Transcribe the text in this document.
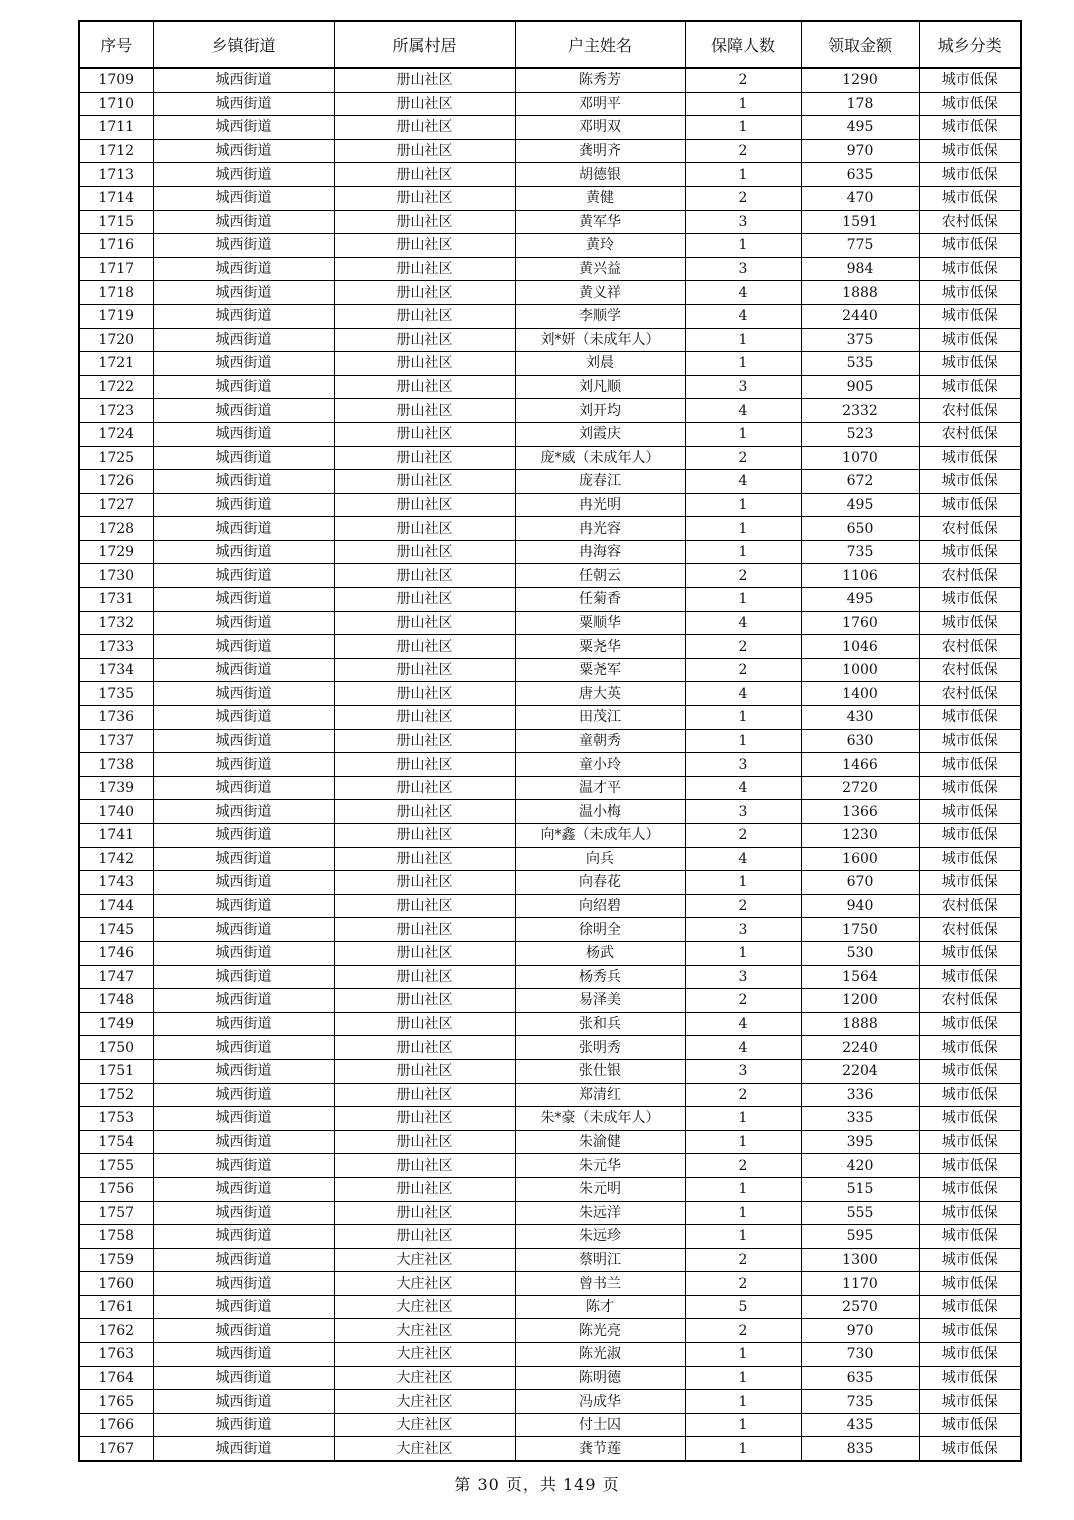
序号	乡镇街道	所属村居	户主姓名	保障人数	领取金额	城乡分类
1709	城西街道	册山社区	陈秀芳	2	1290	城市低保
1710	城西街道	册山社区	邓明平	1	178	城市低保
1711	城西街道	册山社区	邓明双	1	495	城市低保
1712	城西街道	册山社区	龚明齐	2	970	城市低保
1713	城西街道	册山社区	胡德银	1	635	城市低保
1714	城西街道	册山社区	黄健	2	470	城市低保
1715	城西街道	册山社区	黄军华	3	1591	农村低保
1716	城西街道	册山社区	黄玲	1	775	城市低保
1717	城西街道	册山社区	黄兴益	3	984	城市低保
1718	城西街道	册山社区	黄义祥	4	1888	城市低保
1719	城西街道	册山社区	李顺学	4	2440	城市低保
1720	城西街道	册山社区	刘*妍（未成年人）	1	375	城市低保
1721	城西街道	册山社区	刘晨	1	535	城市低保
1722	城西街道	册山社区	刘凡顺	3	905	城市低保
1723	城西街道	册山社区	刘开均	4	2332	农村低保
1724	城西街道	册山社区	刘霞庆	1	523	农村低保
1725	城西街道	册山社区	庞*威（未成年人）	2	1070	城市低保
1726	城西街道	册山社区	庞春江	4	672	城市低保
1727	城西街道	册山社区	冉光明	1	495	城市低保
1728	城西街道	册山社区	冉光容	1	650	农村低保
1729	城西街道	册山社区	冉海容	1	735	城市低保
1730	城西街道	册山社区	任朝云	2	1106	农村低保
1731	城西街道	册山社区	任菊香	1	495	城市低保
1732	城西街道	册山社区	粟顺华	4	1760	城市低保
1733	城西街道	册山社区	粟尧华	2	1046	农村低保
1734	城西街道	册山社区	粟尧军	2	1000	农村低保
1735	城西街道	册山社区	唐大英	4	1400	农村低保
1736	城西街道	册山社区	田茂江	1	430	城市低保
1737	城西街道	册山社区	童朝秀	1	630	城市低保
1738	城西街道	册山社区	童小玲	3	1466	城市低保
1739	城西街道	册山社区	温才平	4	2720	城市低保
1740	城西街道	册山社区	温小梅	3	1366	城市低保
1741	城西街道	册山社区	向*鑫（未成年人）	2	1230	城市低保
1742	城西街道	册山社区	向兵	4	1600	城市低保
1743	城西街道	册山社区	向春花	1	670	城市低保
1744	城西街道	册山社区	向绍碧	2	940	农村低保
1745	城西街道	册山社区	徐明全	3	1750	农村低保
1746	城西街道	册山社区	杨武	1	530	城市低保
1747	城西街道	册山社区	杨秀兵	3	1564	城市低保
1748	城西街道	册山社区	易泽美	2	1200	农村低保
1749	城西街道	册山社区	张和兵	4	1888	城市低保
1750	城西街道	册山社区	张明秀	4	2240	城市低保
1751	城西街道	册山社区	张仕银	3	2204	城市低保
1752	城西街道	册山社区	郑清红	2	336	城市低保
1753	城西街道	册山社区	朱*豪（未成年人）	1	335	城市低保
1754	城西街道	册山社区	朱渝健	1	395	城市低保
1755	城西街道	册山社区	朱元华	2	420	城市低保
1756	城西街道	册山社区	朱元明	1	515	城市低保
1757	城西街道	册山社区	朱远洋	1	555	城市低保
1758	城西街道	册山社区	朱远珍	1	595	城市低保
1759	城西街道	大庄社区	蔡明江	2	1300	城市低保
1760	城西街道	大庄社区	曾书兰	2	1170	城市低保
1761	城西街道	大庄社区	陈才	5	2570	城市低保
1762	城西街道	大庄社区	陈光亮	2	970	城市低保
1763	城西街道	大庄社区	陈光淑	1	730	城市低保
1764	城西街道	大庄社区	陈明德	1	635	城市低保
1765	城西街道	大庄社区	冯成华	1	735	城市低保
1766	城西街道	大庄社区	付士囚	1	435	城市低保
1767	城西街道	大庄社区	龚节莲	1	835	城市低保
第 30 页，共 149 页
